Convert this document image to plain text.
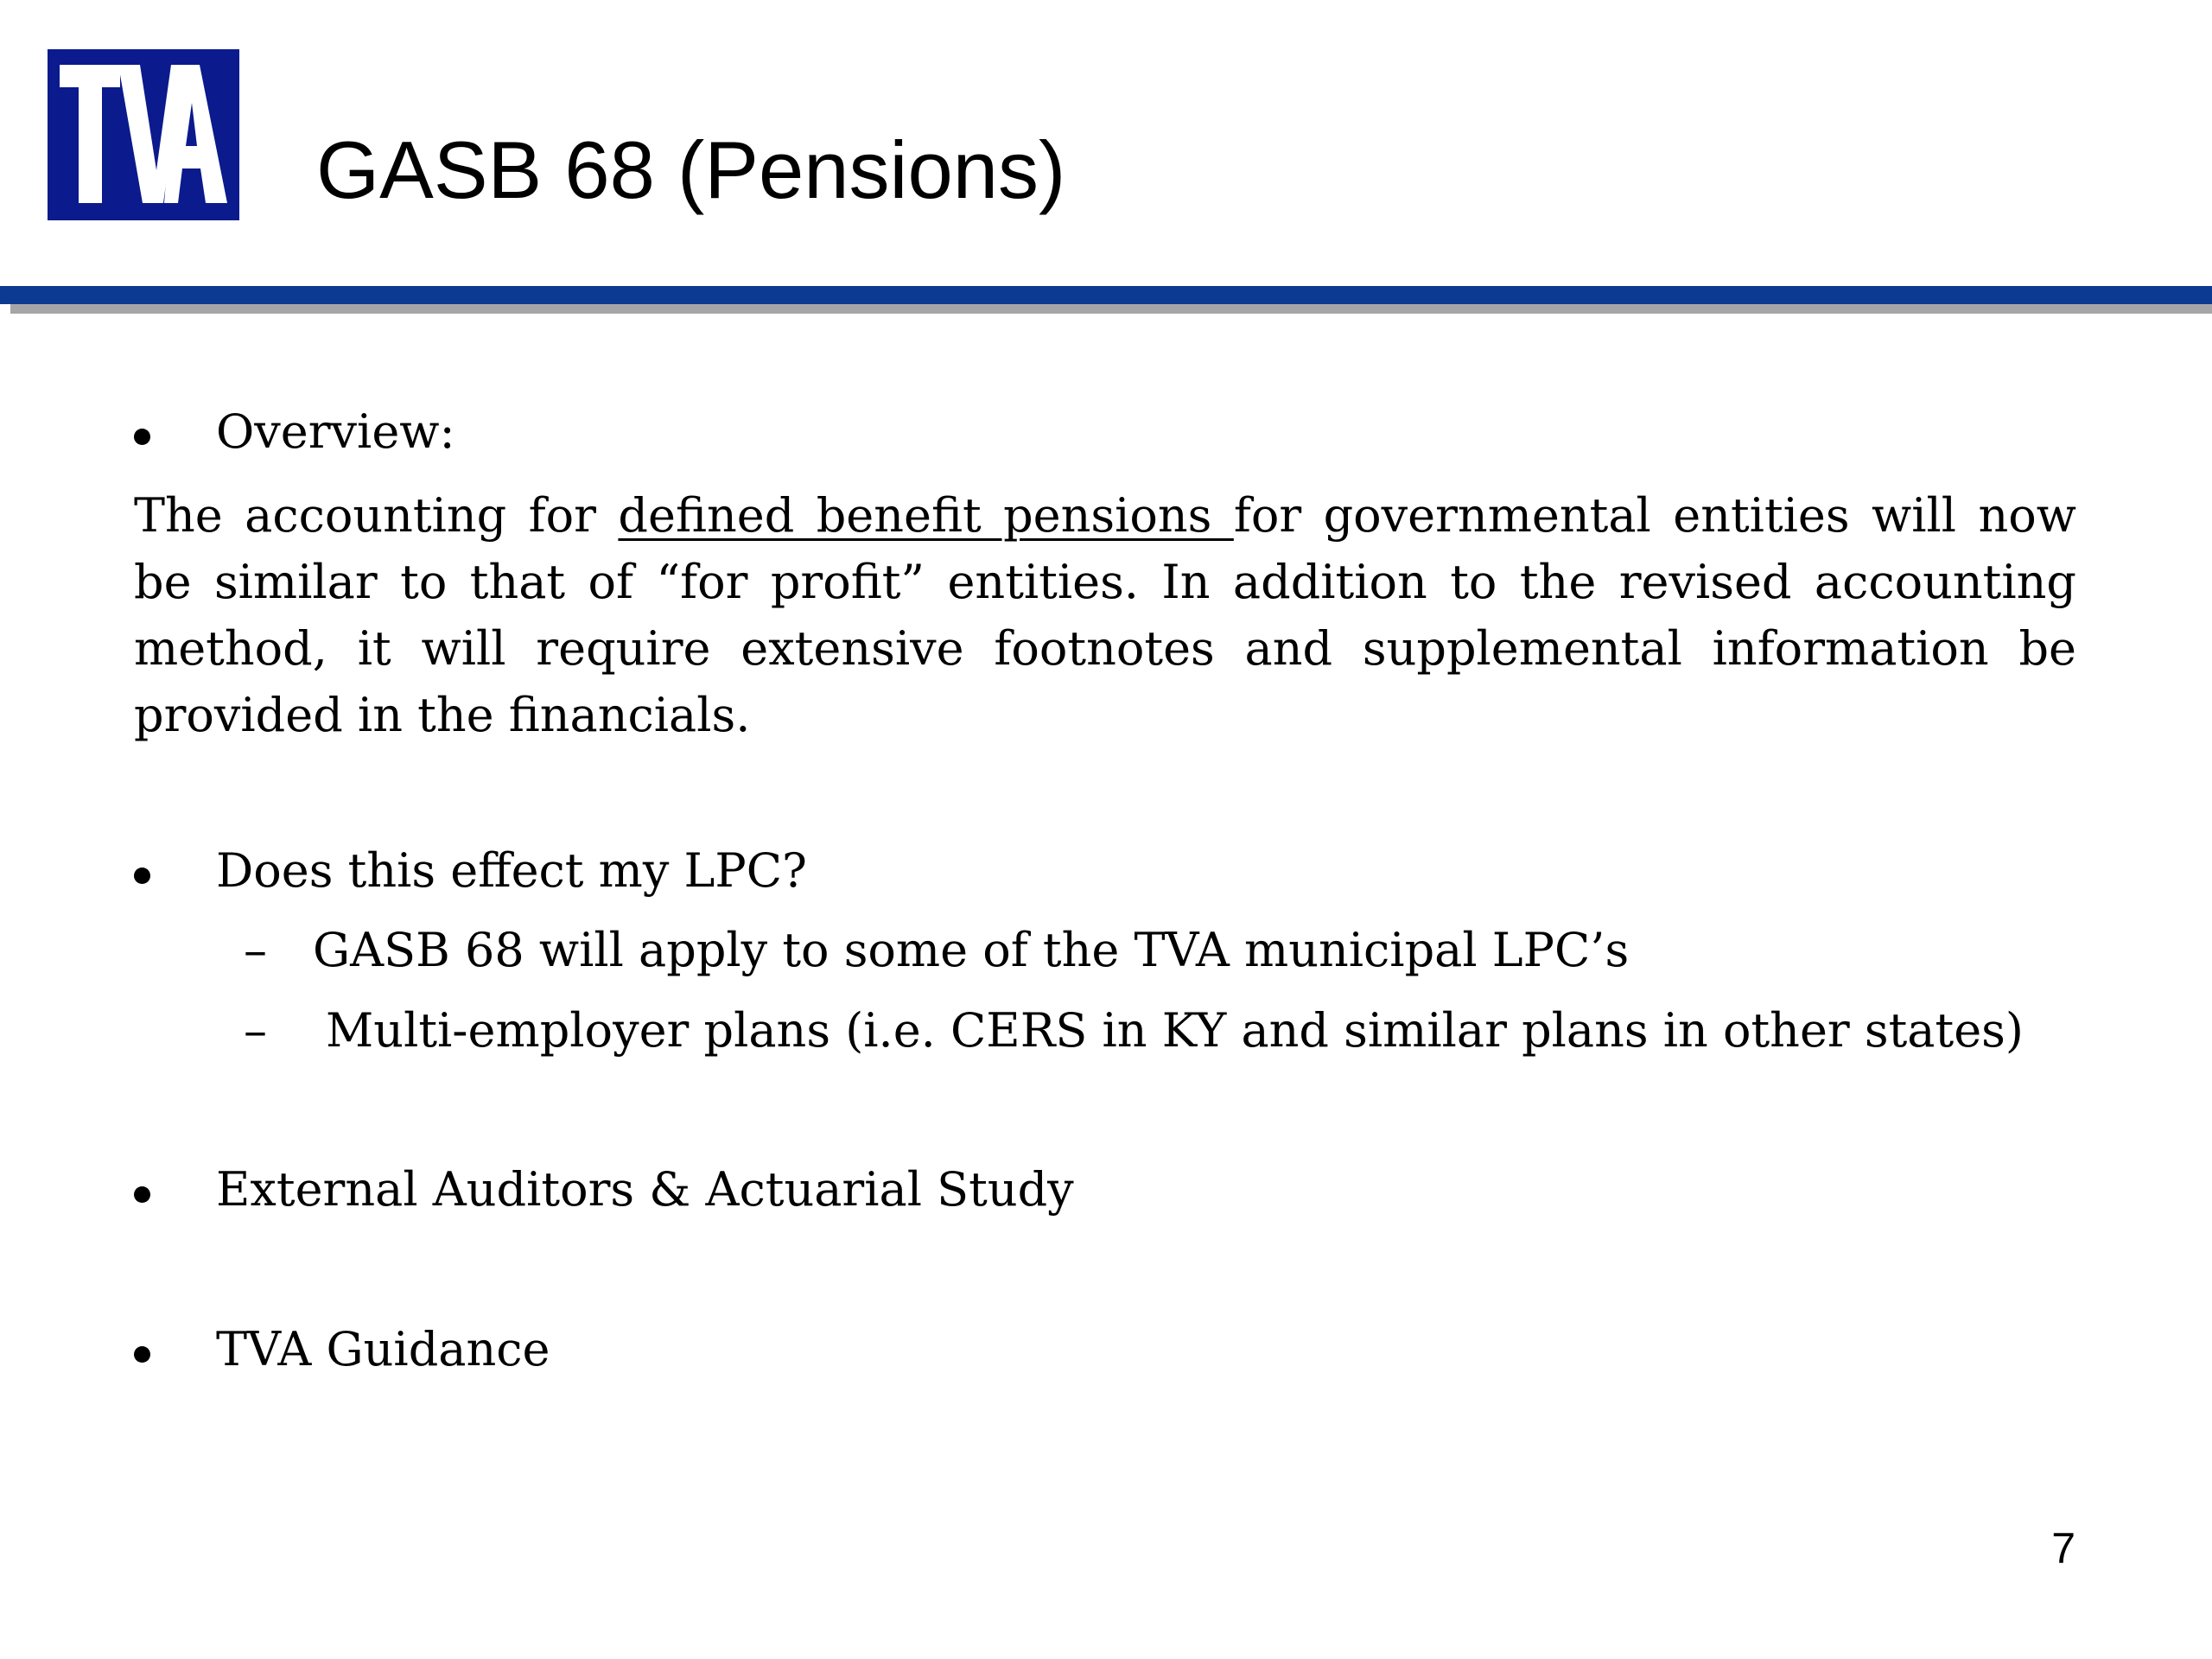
GASB 68 (Pensions)
Overview:

The accounting for defined benefit pensions for governmental entities will now be similar to that of “for profit” entities. In addition to the revised accounting method, it will require extensive footnotes and supplemental information be provided in the financials.

Does this effect my LPC?
– GASB 68 will apply to some of the TVA municipal LPC’s
– Multi-employer plans (i.e. CERS in KY and similar plans in other states)
External Auditors & Actuarial Study
TVA Guidance
7
